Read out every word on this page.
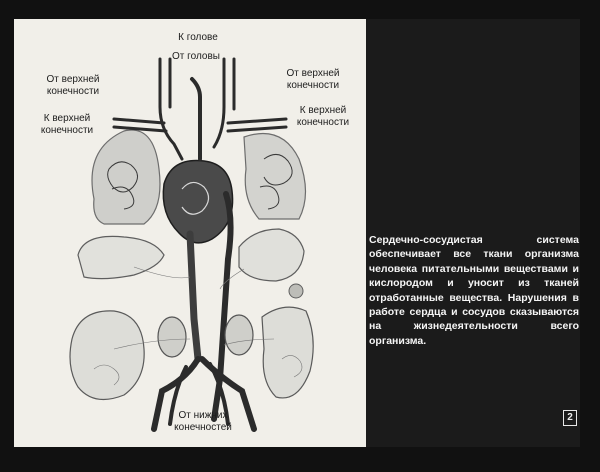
К голове
От головы
От верхней конечности
К верхней конечности
От верхней конечности
К верхней конечности
От нижних конечностей
Сердечно-сосудистая система обеспечивает все ткани организма человека питательными веществами и кислородом и уносит из тканей отработанные вещества. Нарушения в работе сердца и сосудов сказываются на жизнедеятельности всего организма.
2
